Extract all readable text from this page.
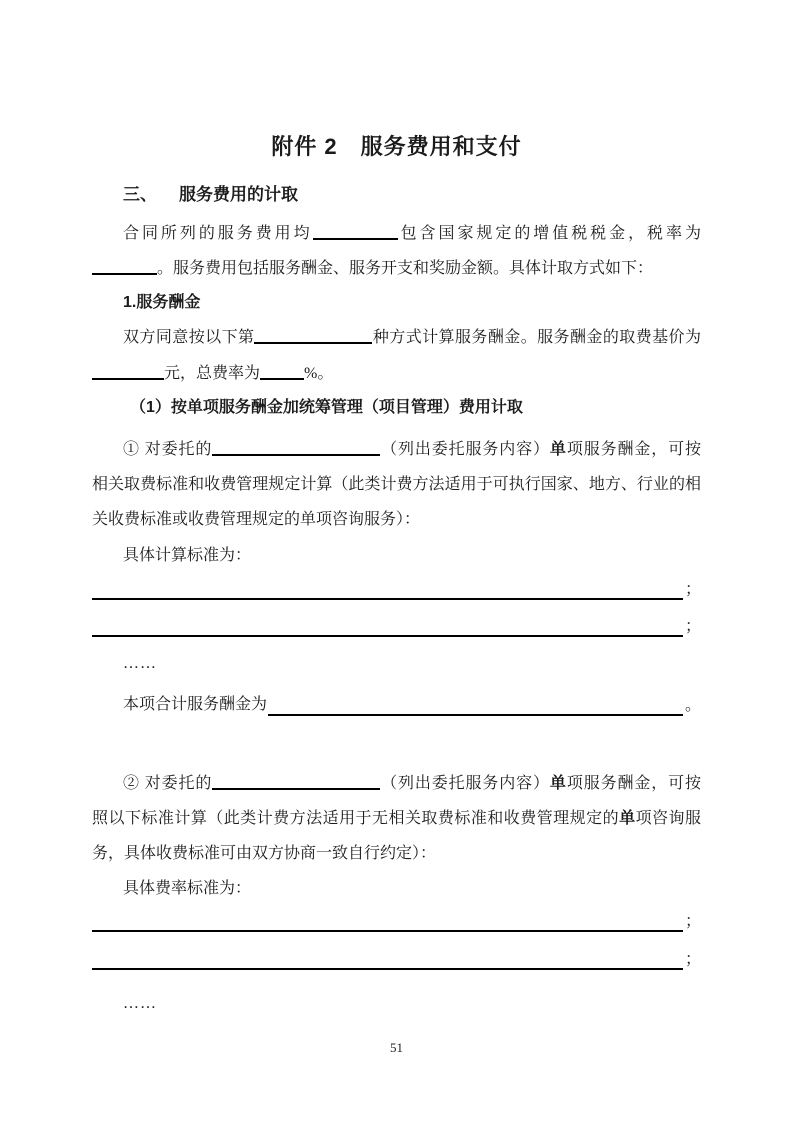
附件 2　服务费用和支付
三、 服务费用的计取
合同所列的服务费用均	包含国家规定的增值税税金，税率为
。服务费用包括服务酬金、服务开支和奖励金额。具体计取方式如下：
1.服务酬金
双方同意按以下第	种方式计算服务酬金。服务酬金的取费基价为
元，总费率为	%。
（1）按单项服务酬金加统筹管理（项目管理）费用计取
① 对委托的	（列出委托服务内容）单项服务酬金，可按
相关取费标准和收费管理规定计算（此类计费方法适用于可执行国家、地方、行业的相
关收费标准或收费管理规定的单项咨询服务）：
具体计算标准为：
；
；
……
本项合计服务酬金为	。
② 对委托的	（列出委托服务内容）单项服务酬金，可按
照以下标准计算（此类计费方法适用于无相关取费标准和收费管理规定的单项咨询服
务，具体收费标准可由双方协商一致自行约定）：
具体费率标准为：
；
；
……
51
